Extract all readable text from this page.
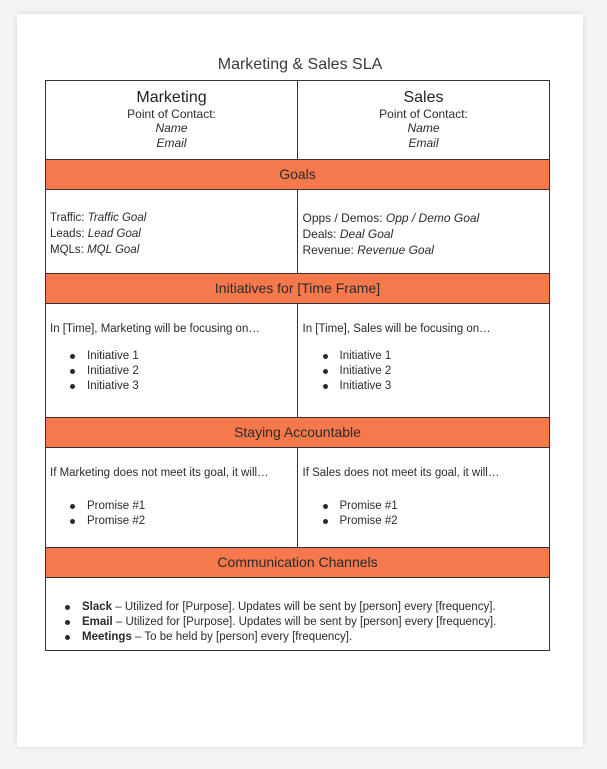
Marketing & Sales SLA
Marketing
Point of Contact:
Name
Email
Sales
Point of Contact:
Name
Email
Goals
Traffic: Traffic Goal
Leads: Lead Goal
MQLs: MQL Goal
Opps / Demos: Opp / Demo Goal
Deals: Deal Goal
Revenue: Revenue Goal
Initiatives for [Time Frame]
In [Time], Marketing will be focusing on…
Initiative 1
Initiative 2
Initiative 3
In [Time], Sales will be focusing on…
Initiative 1
Initiative 2
Initiative 3
Staying Accountable
If Marketing does not meet its goal, it will…
Promise #1
Promise #2
If Sales does not meet its goal, it will…
Promise #1
Promise #2
Communication Channels
Slack – Utilized for [Purpose]. Updates will be sent by [person] every [frequency].
Email – Utilized for [Purpose]. Updates will be sent by [person] every [frequency].
Meetings – To be held by [person] every [frequency].
